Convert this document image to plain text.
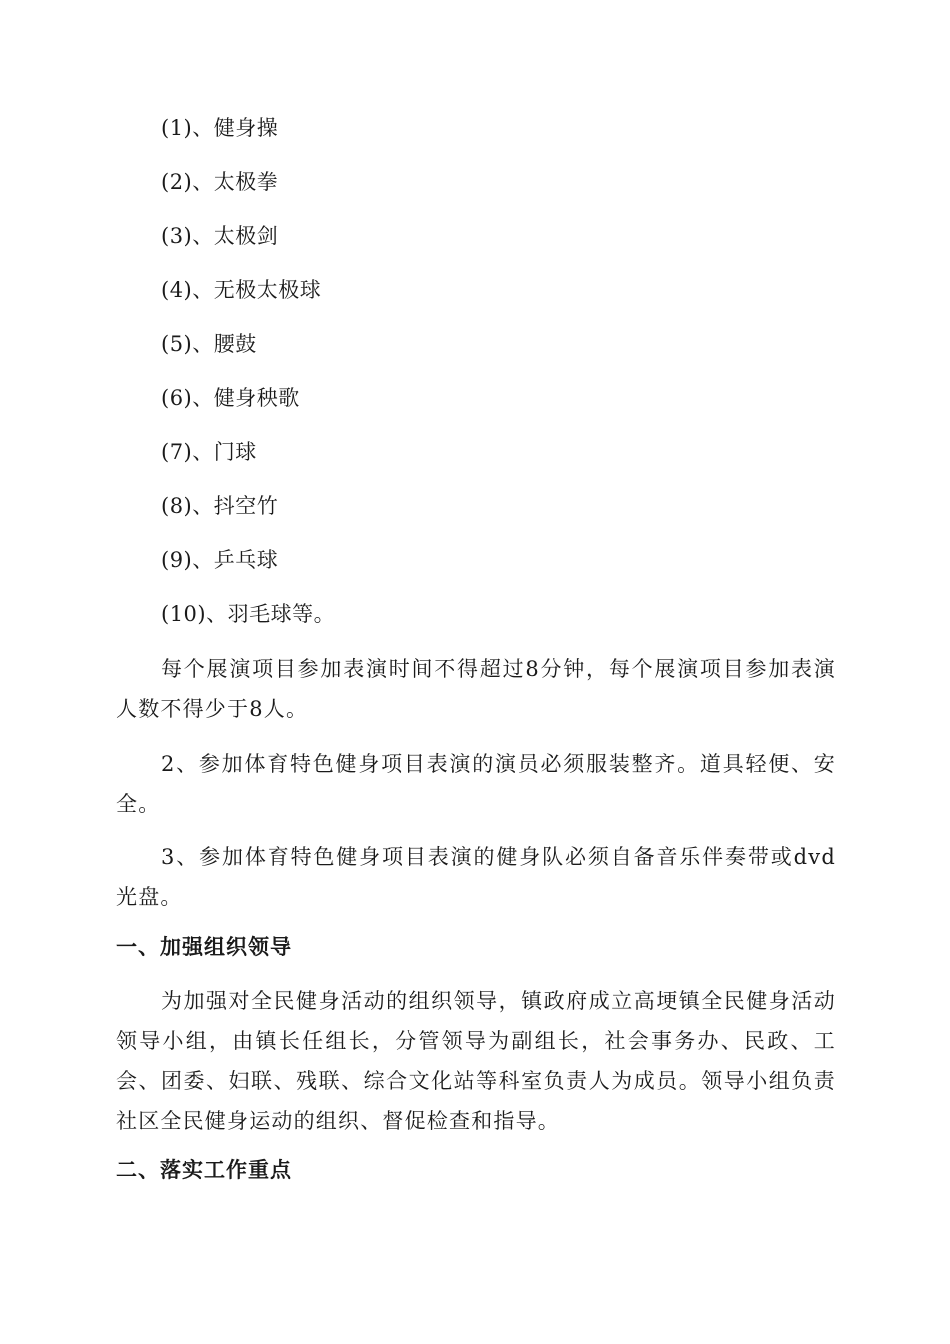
(1)、健身操
(2)、太极拳
(3)、太极剑
(4)、无极太极球
(5)、腰鼓
(6)、健身秧歌
(7)、门球
(8)、抖空竹
(9)、乒乓球
(10)、羽毛球等。
每个展演项目参加表演时间不得超过8分钟，每个展演项目参加表演人数不得少于8人。
2、参加体育特色健身项目表演的演员必须服装整齐。道具轻便、安全。
3、参加体育特色健身项目表演的健身队必须自备音乐伴奏带或dvd光盘。
一、加强组织领导
为加强对全民健身活动的组织领导，镇政府成立高埂镇全民健身活动领导小组，由镇长任组长，分管领导为副组长，社会事务办、民政、工会、团委、妇联、残联、综合文化站等科室负责人为成员。领导小组负责社区全民健身运动的组织、督促检查和指导。
二、落实工作重点
